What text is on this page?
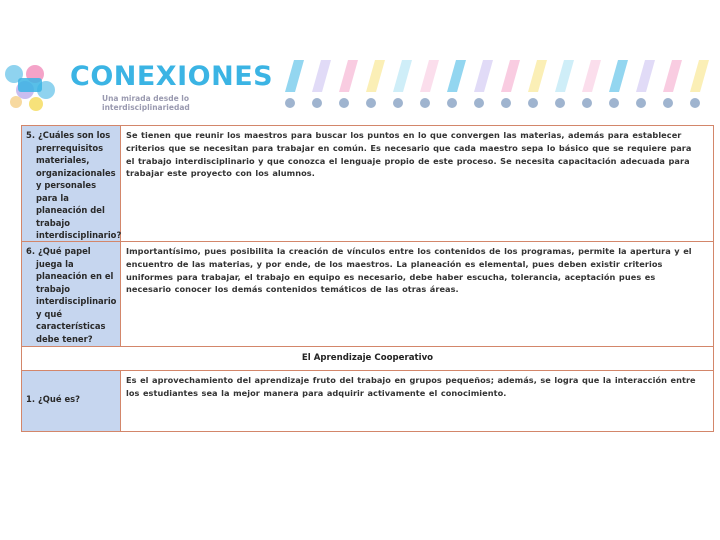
CONEXIONES
Una mirada desde lo interdisciplinariedad
5. ¿Cuáles son los prerrequisitos materiales, organizacionales y personales para la planeación del trabajo interdisciplinario?
Se tienen que reunir los maestros para buscar los puntos en lo que convergen las materias, además para establecer criterios que se necesitan para trabajar en común. Es necesario que cada maestro sepa lo básico que se requiere para el trabajo interdisciplinario y que conozca el lenguaje propio de este proceso. Se necesita capacitación adecuada para trabajar este proyecto con los alumnos.
6. ¿Qué papel juega la planeación en el trabajo interdisciplinario y qué características debe tener?
Importantísimo, pues posibilita la creación de vínculos entre los contenidos de los programas, permite la apertura y el encuentro de las materias, y por ende, de los maestros. La planeación es elemental, pues deben existir criterios uniformes para trabajar, el trabajo en equipo es necesario, debe haber escucha, tolerancia, aceptación pues es necesario conocer los demás contenidos temáticos de las otras áreas.
El Aprendizaje Cooperativo
1. ¿Qué es?
Es el aprovechamiento del aprendizaje fruto del trabajo en grupos pequeños; además, se logra que la interacción entre los estudiantes sea la mejor manera para adquirir activamente el conocimiento.
